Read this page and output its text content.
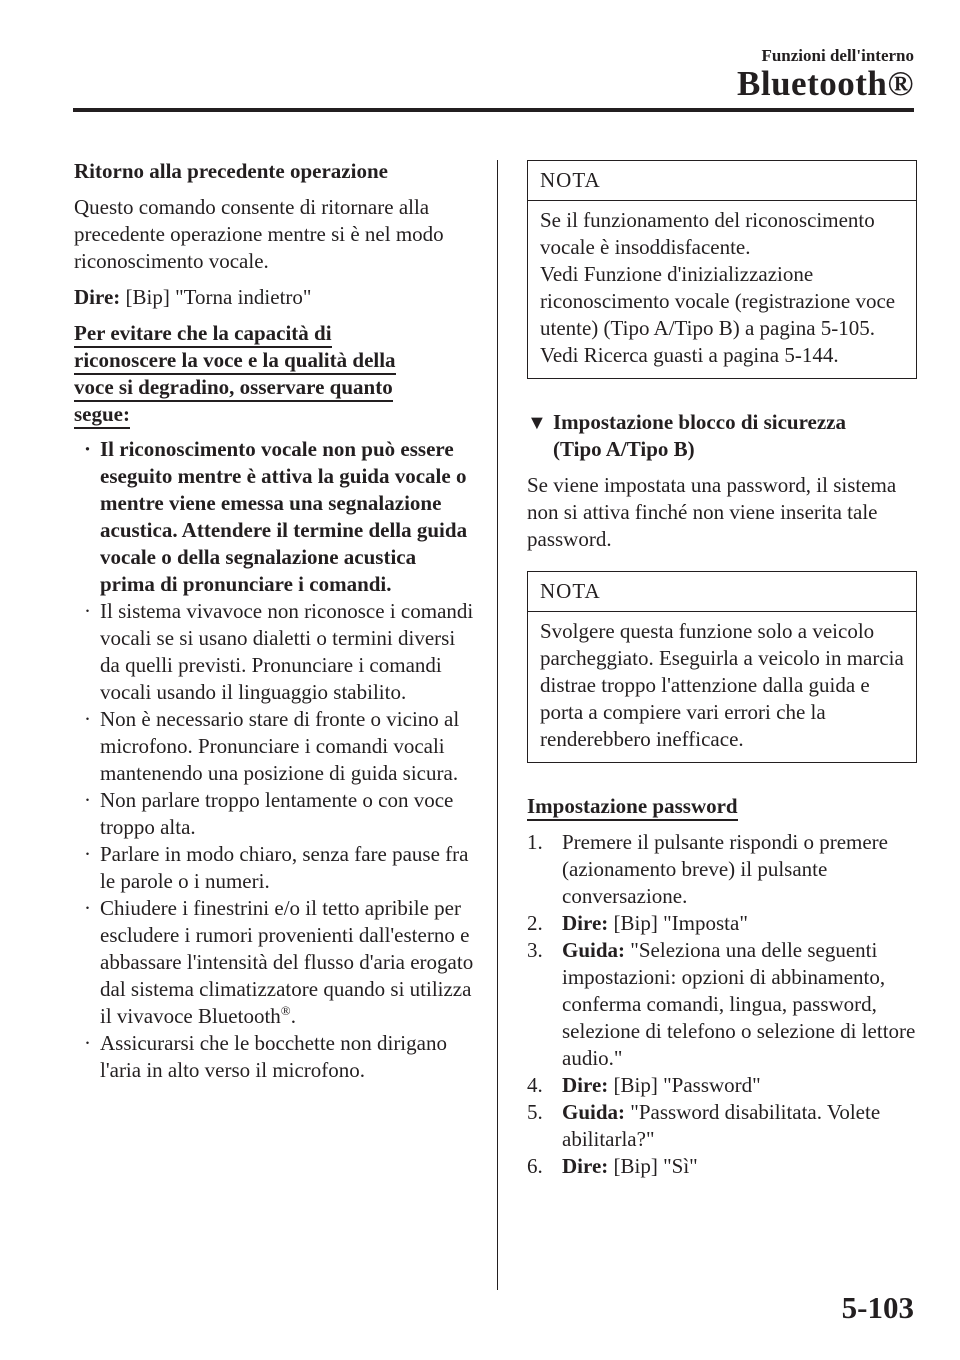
Funzioni dell'interno
Bluetooth®
Ritorno alla precedente operazione

Questo comando consente di ritornare alla precedente operazione mentre si è nel modo riconoscimento vocale.

Dire: [Bip] "Torna indietro"

Per evitare che la capacità di
riconoscere la voce e la qualità della
voce si degradino, osservare quanto
segue:
· Il riconoscimento vocale non può essere eseguito mentre è attiva la guida vocale o mentre viene emessa una segnalazione acustica. Attendere il termine della guida vocale o della segnalazione acustica prima di pronunciare i comandi.
· Il sistema vivavoce non riconosce i comandi vocali se si usano dialetti o termini diversi da quelli previsti. Pronunciare i comandi vocali usando il linguaggio stabilito.
· Non è necessario stare di fronte o vicino al microfono. Pronunciare i comandi vocali mantenendo una posizione di guida sicura.
· Non parlare troppo lentamente o con voce troppo alta.
· Parlare in modo chiaro, senza fare pause fra le parole o i numeri.
· Chiudere i finestrini e/o il tetto apribile per escludere i rumori provenienti dall'esterno e abbassare l'intensità del flusso d'aria erogato dal sistema climatizzatore quando si utilizza il vivavoce Bluetooth®.
· Assicurarsi che le bocchette non dirigano l'aria in alto verso il microfono.
NOTA

Se il funzionamento del riconoscimento vocale è insoddisfacente.

Vedi Funzione d'inizializzazione riconoscimento vocale (registrazione voce utente) (Tipo A/Tipo B) a pagina 5-105.

Vedi Ricerca guasti a pagina 5-144.

▼ Impostazione blocco di sicurezza
(Tipo A/Tipo B)

Se viene impostata una password, il sistema non si attiva finché non viene inserita tale password.

NOTA

Svolgere questa funzione solo a veicolo parcheggiato. Eseguirla a veicolo in marcia distrae troppo l'attenzione dalla guida e porta a compiere vari errori che la renderebbero inefficace.

Impostazione password
1. Premere il pulsante rispondi o premere (azionamento breve) il pulsante conversazione.
2. Dire: [Bip] "Imposta"
3. Guida: "Seleziona una delle seguenti impostazioni: opzioni di abbinamento, conferma comandi, lingua, password, selezione di telefono o selezione di lettore audio."
4. Dire: [Bip] "Password"
5. Guida: "Password disabilitata. Volete abilitarla?"
6. Dire: [Bip] "Sì"
5-103
